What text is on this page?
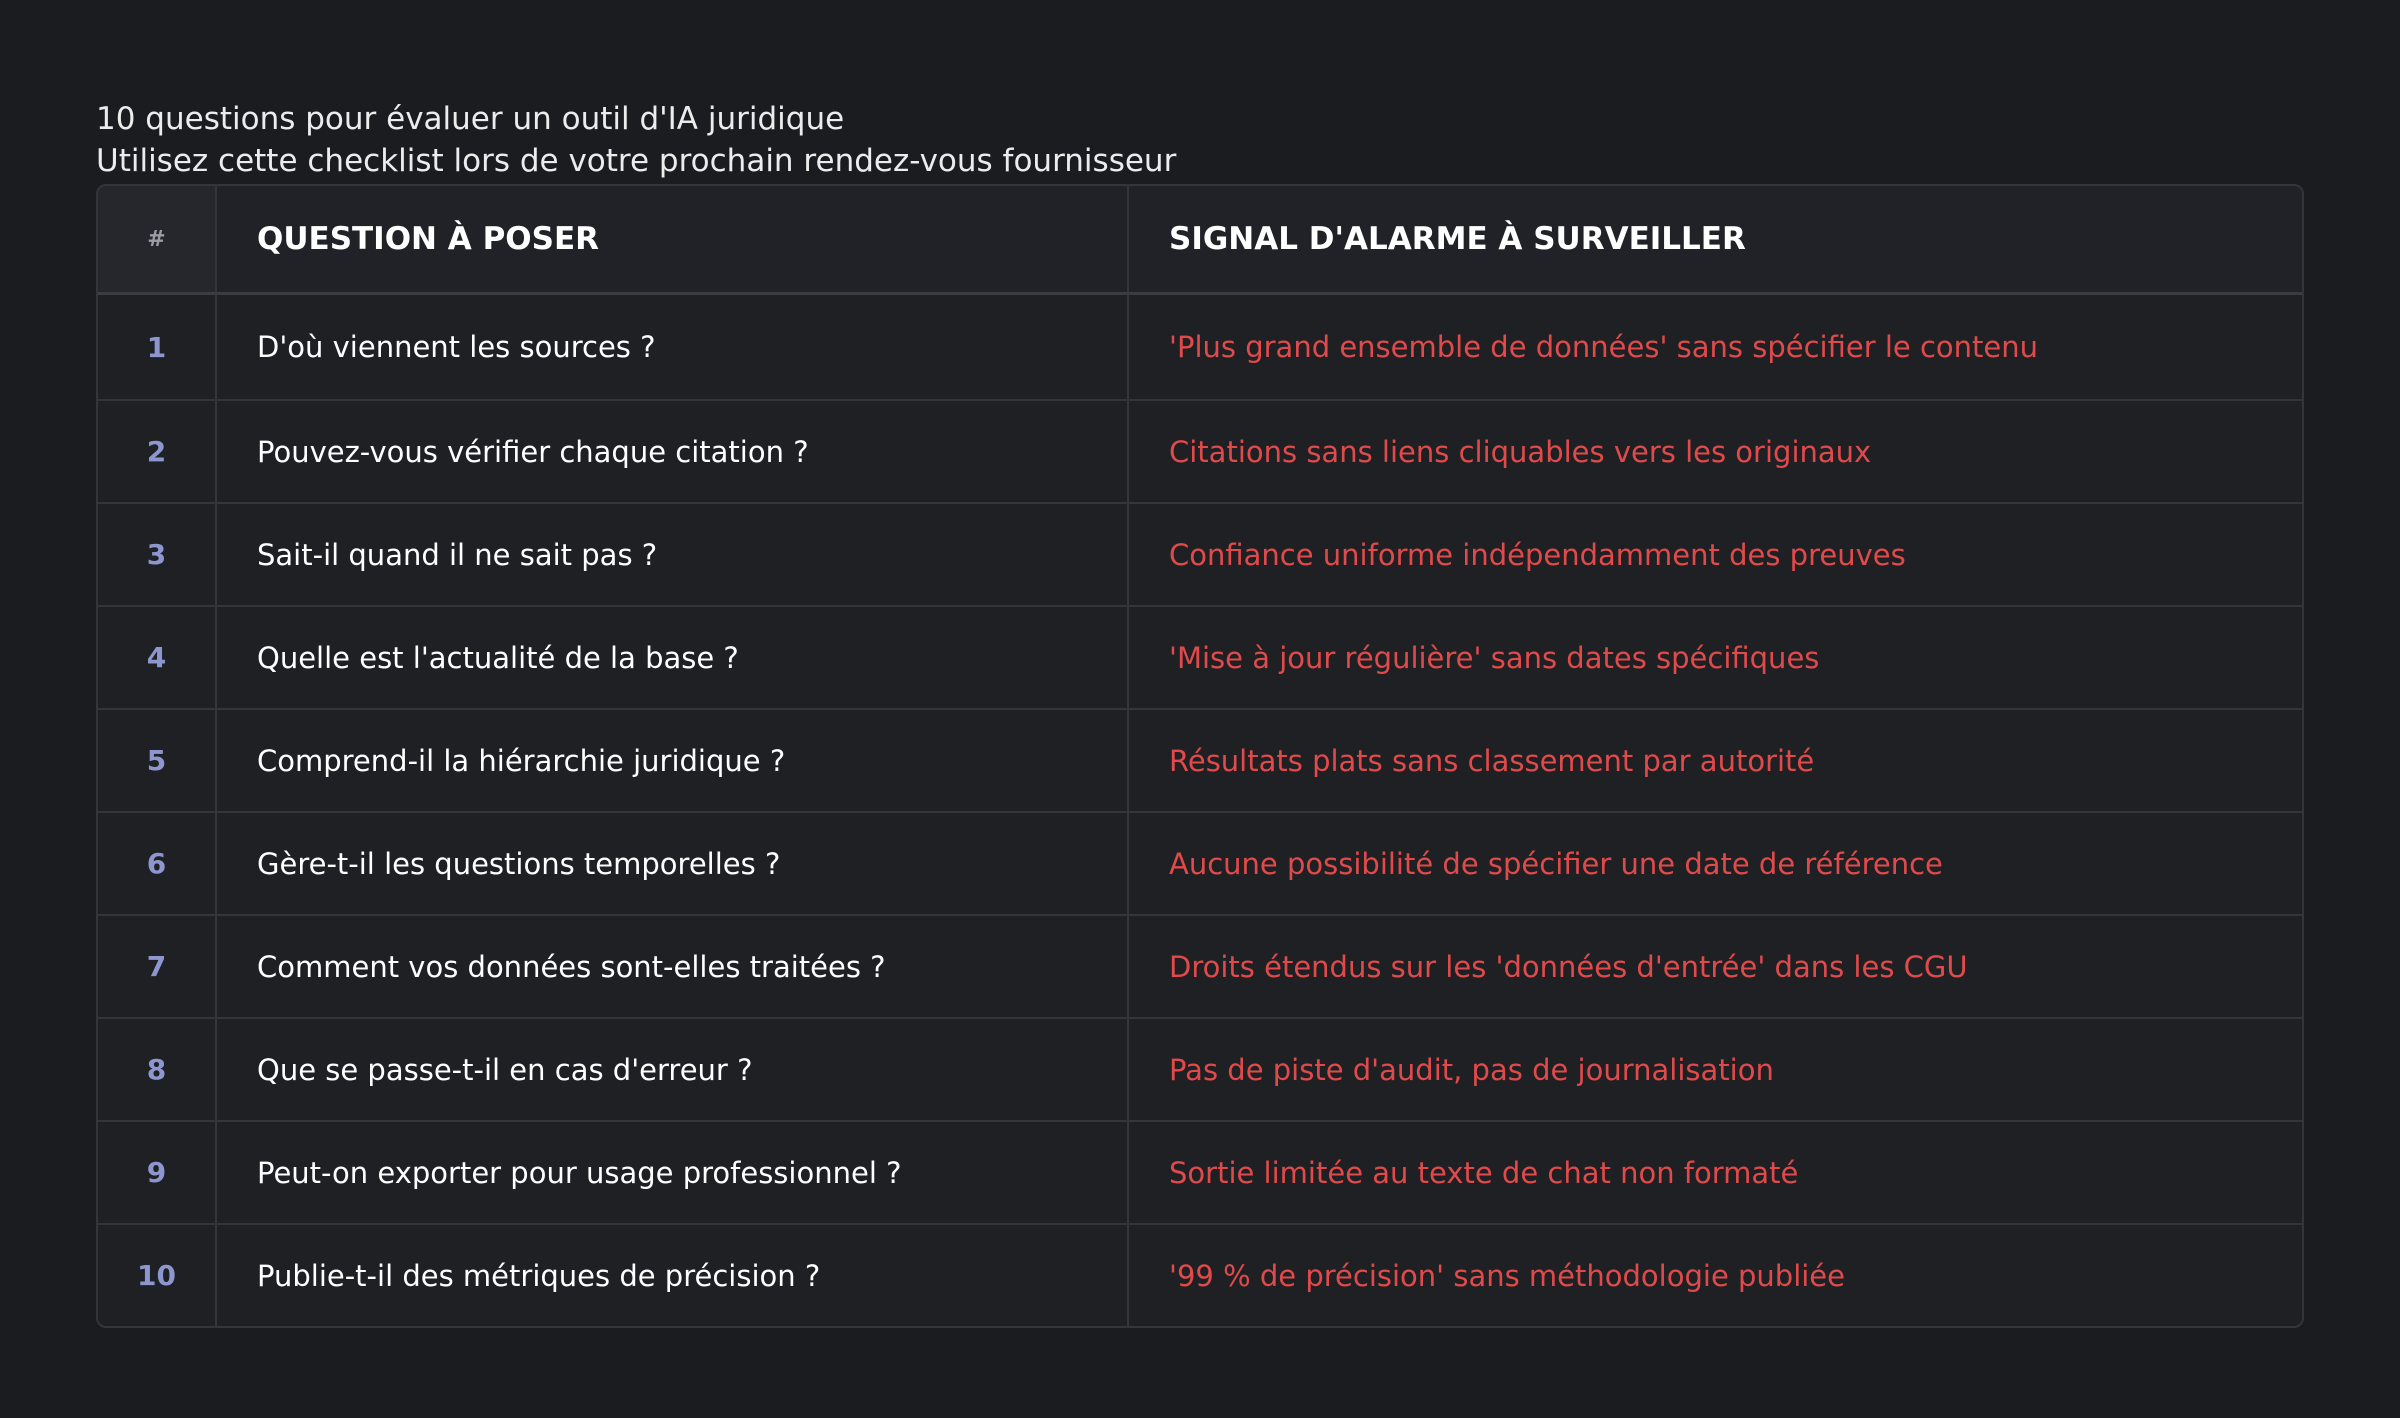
10 questions pour évaluer un outil d'IA juridique
Utilisez cette checklist lors de votre prochain rendez-vous fournisseur
#	QUESTION À POSER	SIGNAL D'ALARME À SURVEILLER
1	D'où viennent les sources ?	'Plus grand ensemble de données' sans spécifier le contenu
2	Pouvez-vous vérifier chaque citation ?	Citations sans liens cliquables vers les originaux
3	Sait-il quand il ne sait pas ?	Confiance uniforme indépendamment des preuves
4	Quelle est l'actualité de la base ?	'Mise à jour régulière' sans dates spécifiques
5	Comprend-il la hiérarchie juridique ?	Résultats plats sans classement par autorité
6	Gère-t-il les questions temporelles ?	Aucune possibilité de spécifier une date de référence
7	Comment vos données sont-elles traitées ?	Droits étendus sur les 'données d'entrée' dans les CGU
8	Que se passe-t-il en cas d'erreur ?	Pas de piste d'audit, pas de journalisation
9	Peut-on exporter pour usage professionnel ?	Sortie limitée au texte de chat non formaté
10	Publie-t-il des métriques de précision ?	'99 % de précision' sans méthodologie publiée
